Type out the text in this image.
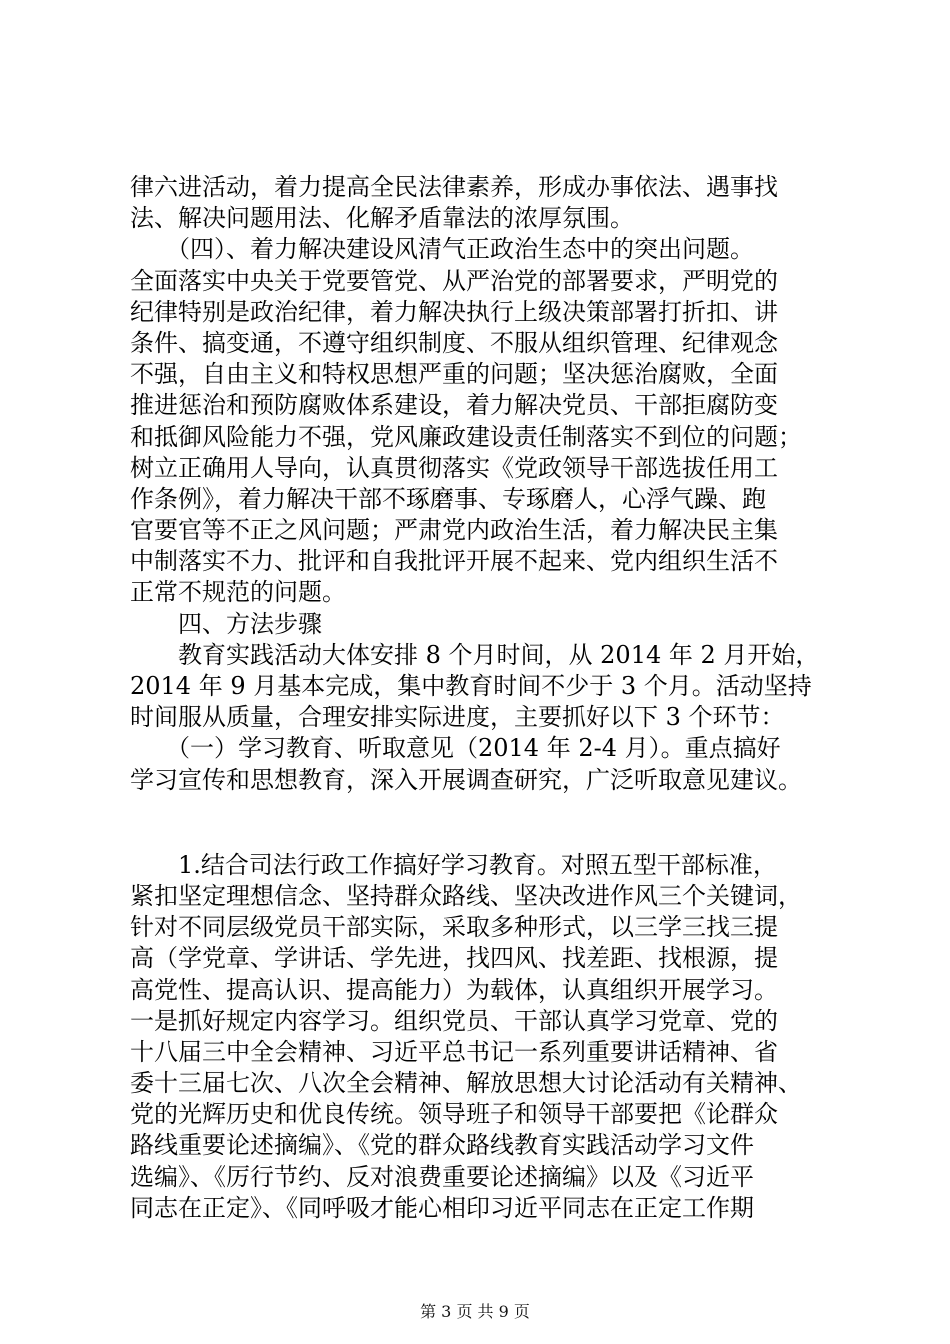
律六进活动，着力提高全民法律素养，形成办事依法、遇事找
法、解决问题用法、化解矛盾靠法的浓厚氛围。
　　（四）、着力解决建设风清气正政治生态中的突出问题。
全面落实中央关于党要管党、从严治党的部署要求，严明党的
纪律特别是政治纪律，着力解决执行上级决策部署打折扣、讲
条件、搞变通，不遵守组织制度、不服从组织管理、纪律观念
不强，自由主义和特权思想严重的问题；坚决惩治腐败，全面
推进惩治和预防腐败体系建设，着力解决党员、干部拒腐防变
和抵御风险能力不强，党风廉政建设责任制落实不到位的问题；
树立正确用人导向，认真贯彻落实《党政领导干部选拔任用工
作条例》，着力解决干部不琢磨事、专琢磨人，心浮气躁、跑
官要官等不正之风问题；严肃党内政治生活，着力解决民主集
中制落实不力、批评和自我批评开展不起来、党内组织生活不
正常不规范的问题。
　　四、方法步骤
　　教育实践活动大体安排 8 个月时间，从 2014 年 2 月开始，
2014 年 9 月基本完成，集中教育时间不少于 3 个月。活动坚持
时间服从质量，合理安排实际进度，主要抓好以下 3 个环节：
　　（一）学习教育、听取意见（2014 年 2-4 月）。重点搞好
学习宣传和思想教育，深入开展调查研究，广泛听取意见建议。
　　1.结合司法行政工作搞好学习教育。对照五型干部标准，
紧扣坚定理想信念、坚持群众路线、坚决改进作风三个关键词，
针对不同层级党员干部实际，采取多种形式，以三学三找三提
高（学党章、学讲话、学先进，找四风、找差距、找根源，提
高党性、提高认识、提高能力）为载体，认真组织开展学习。
一是抓好规定内容学习。组织党员、干部认真学习党章、党的
十八届三中全会精神、习近平总书记一系列重要讲话精神、省
委十三届七次、八次全会精神、解放思想大讨论活动有关精神、
党的光辉历史和优良传统。领导班子和领导干部要把《论群众
路线重要论述摘编》、《党的群众路线教育实践活动学习文件
选编》、《厉行节约、反对浪费重要论述摘编》以及《习近平
同志在正定》、《同呼吸才能心相印习近平同志在正定工作期
第 3 页 共 9 页
